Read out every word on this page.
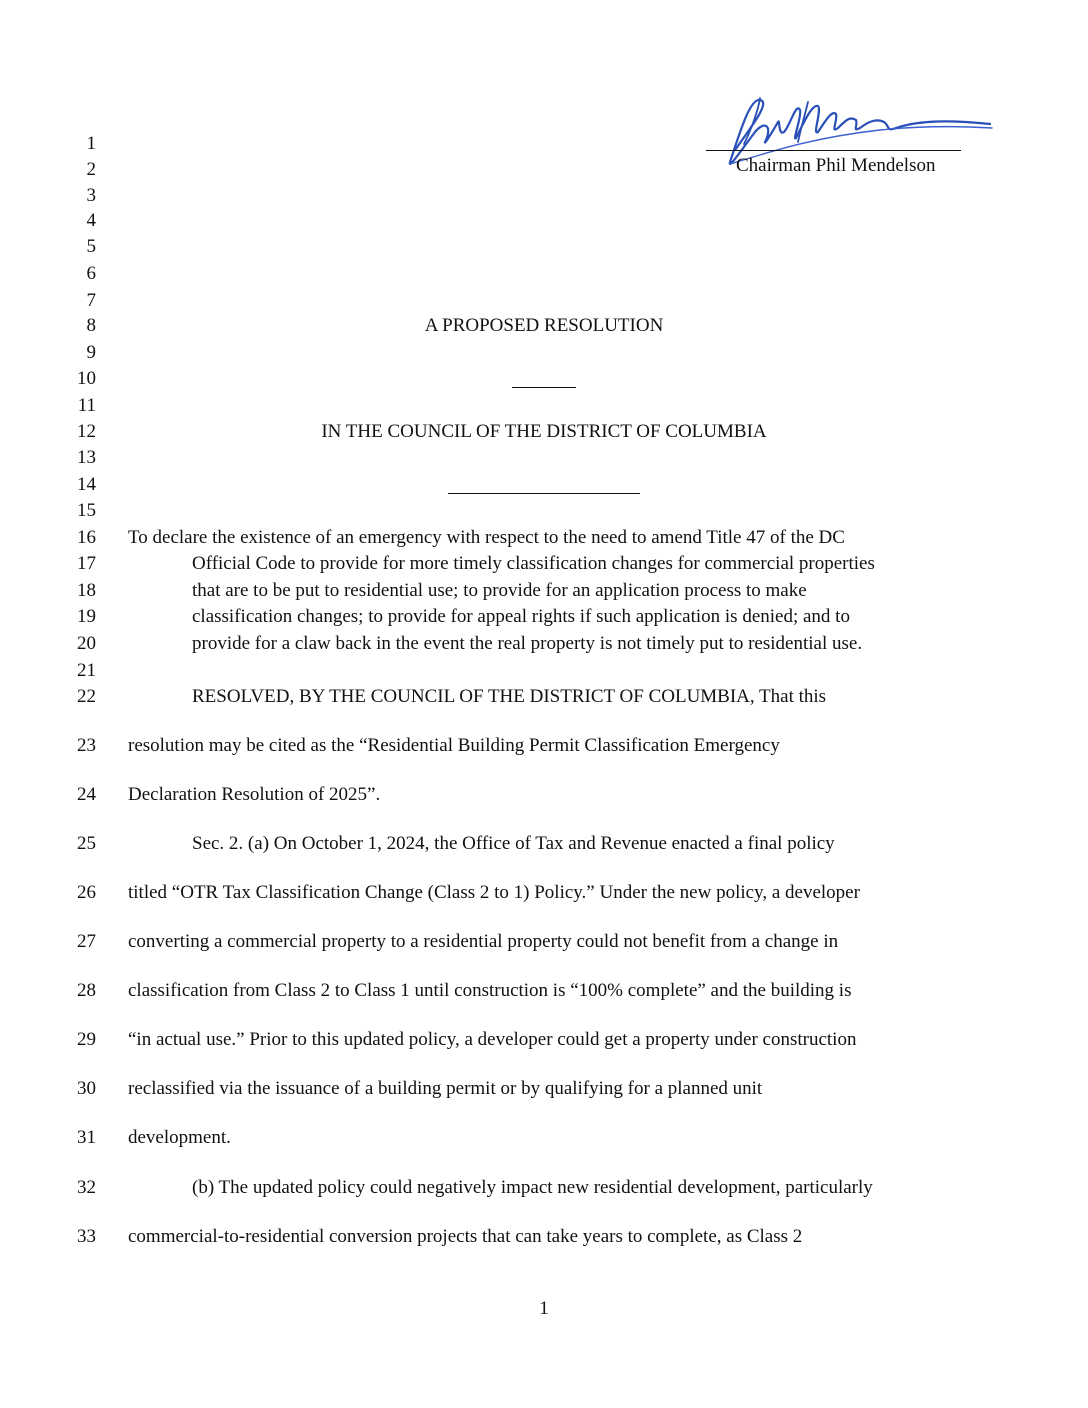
Chairman Phil Mendelson
1
2
3
4
5
6
7
8
9
10
11
12
13
14
15
16
17
18
19
20
21
22
23
24
25
26
27
28
29
30
31
32
33
A PROPOSED RESOLUTION
IN THE COUNCIL OF THE DISTRICT OF COLUMBIA
To declare the existence of an emergency with respect to the need to amend Title 47 of the DC
Official Code to provide for more timely classification changes for commercial properties
that are to be put to residential use; to provide for an application process to make
classification changes; to provide for appeal rights if such application is denied; and to
provide for a claw back in the event the real property is not timely put to residential use.
RESOLVED, BY THE COUNCIL OF THE DISTRICT OF COLUMBIA, That this
resolution may be cited as the “Residential Building Permit Classification Emergency
Declaration Resolution of 2025”.
Sec. 2. (a) On October 1, 2024, the Office of Tax and Revenue enacted a final policy
titled “OTR Tax Classification Change (Class 2 to 1) Policy.” Under the new policy, a developer
converting a commercial property to a residential property could not benefit from a change in
classification from Class 2 to Class 1 until construction is “100% complete” and the building is
“in actual use.” Prior to this updated policy, a developer could get a property under construction
reclassified via the issuance of a building permit or by qualifying for a planned unit
development.
(b) The updated policy could negatively impact new residential development, particularly
commercial-to-residential conversion projects that can take years to complete, as Class 2
1
